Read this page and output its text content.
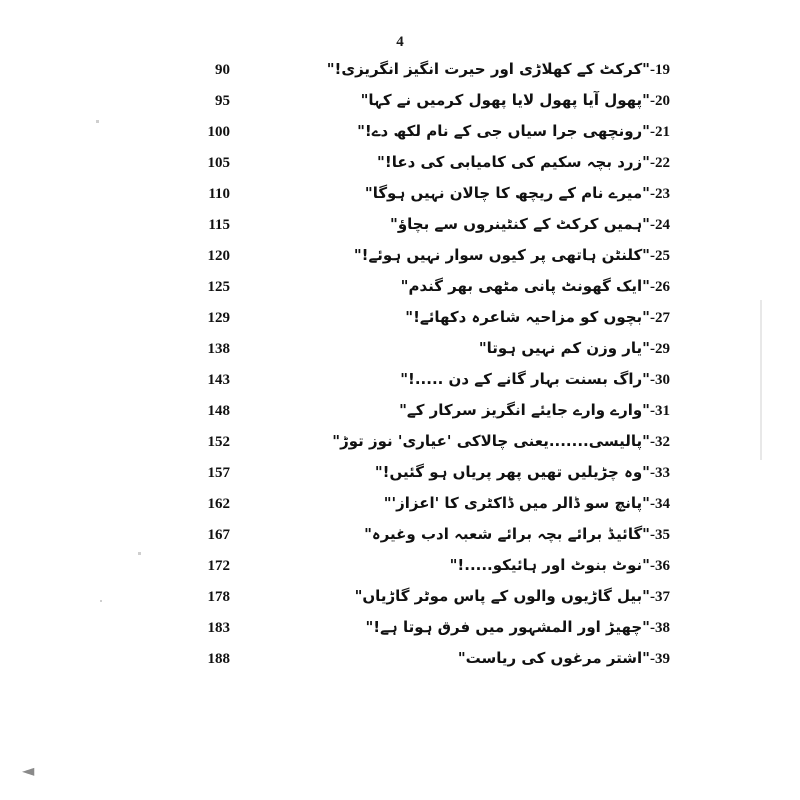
4
90	19-"کرکٹ کے کھلاڑی اور حیرت انگیز انگریزی!"
95	20-"پھول آیا پھول لایا پھول کرمیں نے کہا"
100	21-"رونچھی جرا سیاں جی کے نام لکھ دے!"
105	22-"زرد بچہ سکیم کی کامیابی کی دعا!"
110	23-"میرے نام کے ریچھ کا چالان نہیں ہوگا"
115	24-"ہمیں کرکٹ کے کنٹینروں سے بچاؤ"
120	25-"کلنٹن ہاتھی پر کیوں سوار نہیں ہوئے!"
125	26-"ایک گھونٹ پانی مٹھی بھر گندم"
129	27-"بچوں کو مزاحیہ شاعرہ دکھائے!"
138	29-"یار وزن کم نہیں ہوتا"
143	30-"راگ بسنت بہار گانے کے دن .....!"
148	31-"وارے وارے جایئے انگریز سرکار کے"
152	32-"پالیسی.......یعنی چالاکی 'عیاری' نوز توڑ"
157	33-"وہ چڑیلیں تھیں پھر پریاں ہو گئیں!"
162	34-"پانچ سو ڈالر میں ڈاکٹری کا 'اعزاز'"
167	35-"گائیڈ برائے بچہ برائے شعبہ ادب وغیرہ"
172	36-"نوٹ بنوٹ اور ہائیکو.....!"
178	37-"بیل گاڑیوں والوں کے پاس موٹر گاڑیاں"
183	38-"چھیڑ اور المشہور میں فرق ہوتا ہے!"
188	39-"اشتر مرغوں کی ریاست"
◄
